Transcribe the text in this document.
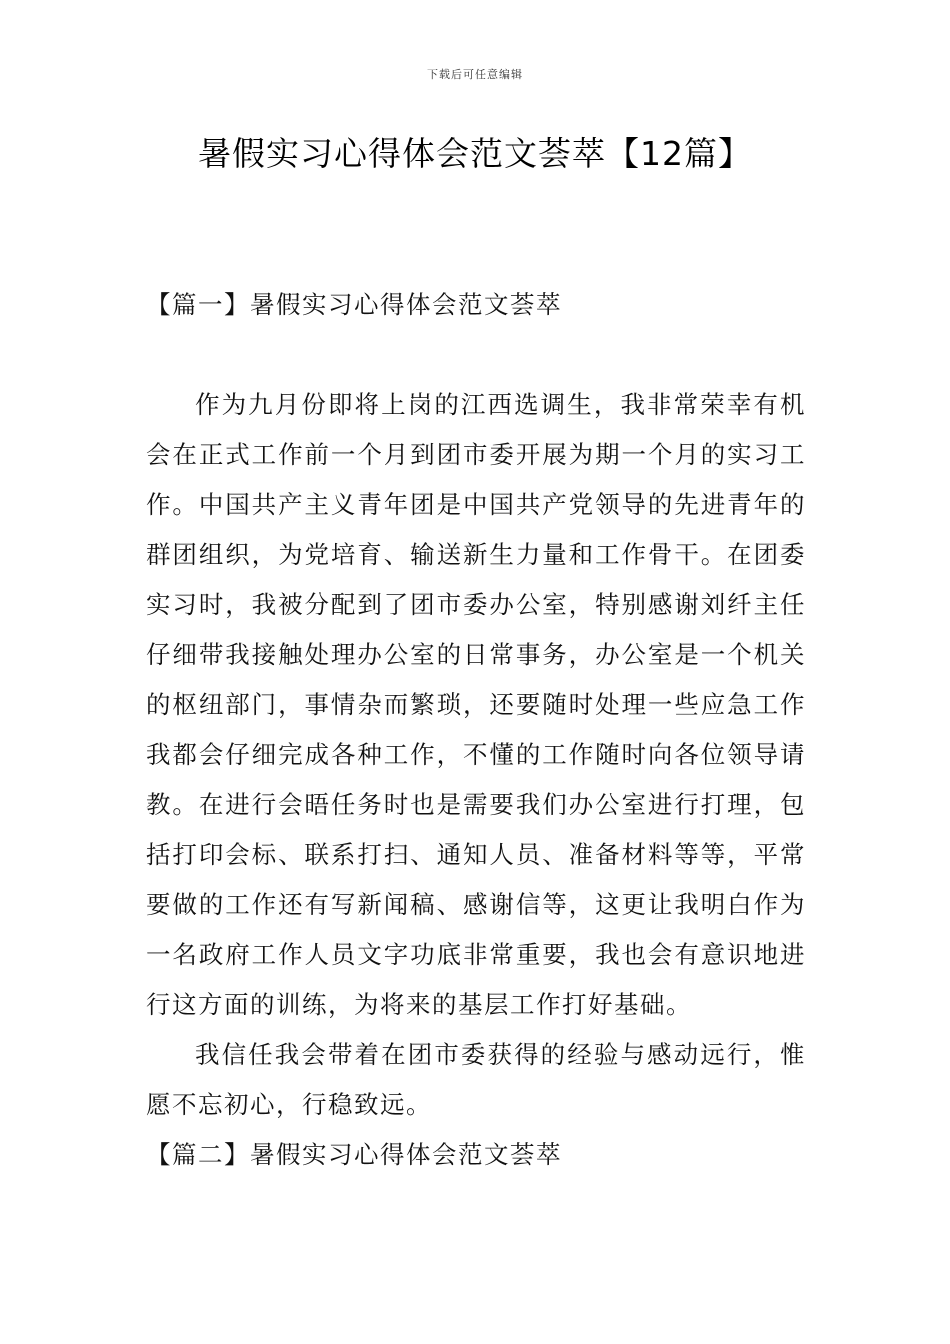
下载后可任意编辑
暑假实习心得体会范文荟萃【12篇】
【篇一】暑假实习心得体会范文荟萃

作为九月份即将上岗的江西选调生，我非常荣幸有机会在正式工作前一个月到团市委开展为期一个月的实习工作。中国共产主义青年团是中国共产党领导的先进青年的群团组织，为党培育、输送新生力量和工作骨干。在团委实习时，我被分配到了团市委办公室，特别感谢刘纤主任仔细带我接触处理办公室的日常事务，办公室是一个机关的枢纽部门，事情杂而繁琐，还要随时处理一些应急工作我都会仔细完成各种工作，不懂的工作随时向各位领导请教。在进行会晤任务时也是需要我们办公室进行打理，包括打印会标、联系打扫、通知人员、准备材料等等，平常要做的工作还有写新闻稿、感谢信等，这更让我明白作为一名政府工作人员文字功底非常重要，我也会有意识地进行这方面的训练，为将来的基层工作打好基础。

我信任我会带着在团市委获得的经验与感动远行，惟愿不忘初心，行稳致远。

【篇二】暑假实习心得体会范文荟萃
